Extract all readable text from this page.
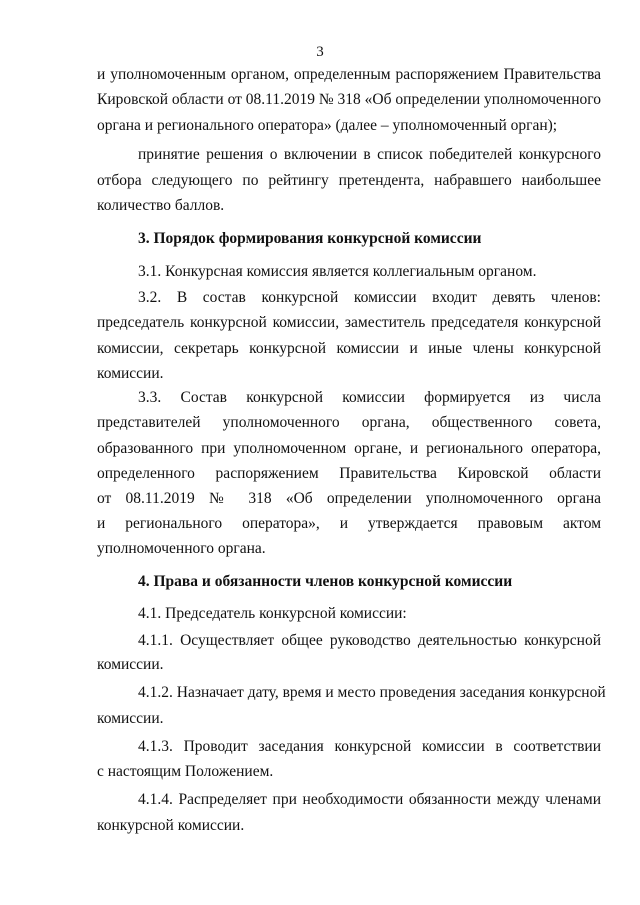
3
и уполномоченным органом, определенным распоряжением Правительства
Кировской области от 08.11.2019 № 318 «Об определении уполномоченного
органа и регионального оператора» (далее – уполномоченный орган);
принятие решения о включении в список победителей конкурсного
отбора следующего по рейтингу претендента, набравшего наибольшее
количество баллов.
3. Порядок формирования конкурсной комиссии
3.1. Конкурсная комиссия является коллегиальным органом.
3.2. В состав конкурсной комиссии входит девять членов:
председатель конкурсной комиссии, заместитель председателя конкурсной
комиссии, секретарь конкурсной комиссии и иные члены конкурсной
комиссии.
3.3. Состав конкурсной комиссии формируется из числа
представителей уполномоченного органа, общественного совета,
образованного при уполномоченном органе, и регионального оператора,
определенного распоряжением Правительства Кировской области
от 08.11.2019 № 318 «Об определении уполномоченного органа
и регионального оператора», и утверждается правовым актом
уполномоченного органа.
4. Права и обязанности членов конкурсной комиссии
4.1. Председатель конкурсной комиссии:
4.1.1. Осуществляет общее руководство деятельностью конкурсной
комиссии.
4.1.2. Назначает дату, время и место проведения заседания конкурсной
комиссии.
4.1.3. Проводит заседания конкурсной комиссии в соответствии
с настоящим Положением.
4.1.4. Распределяет при необходимости обязанности между членами
конкурсной комиссии.
